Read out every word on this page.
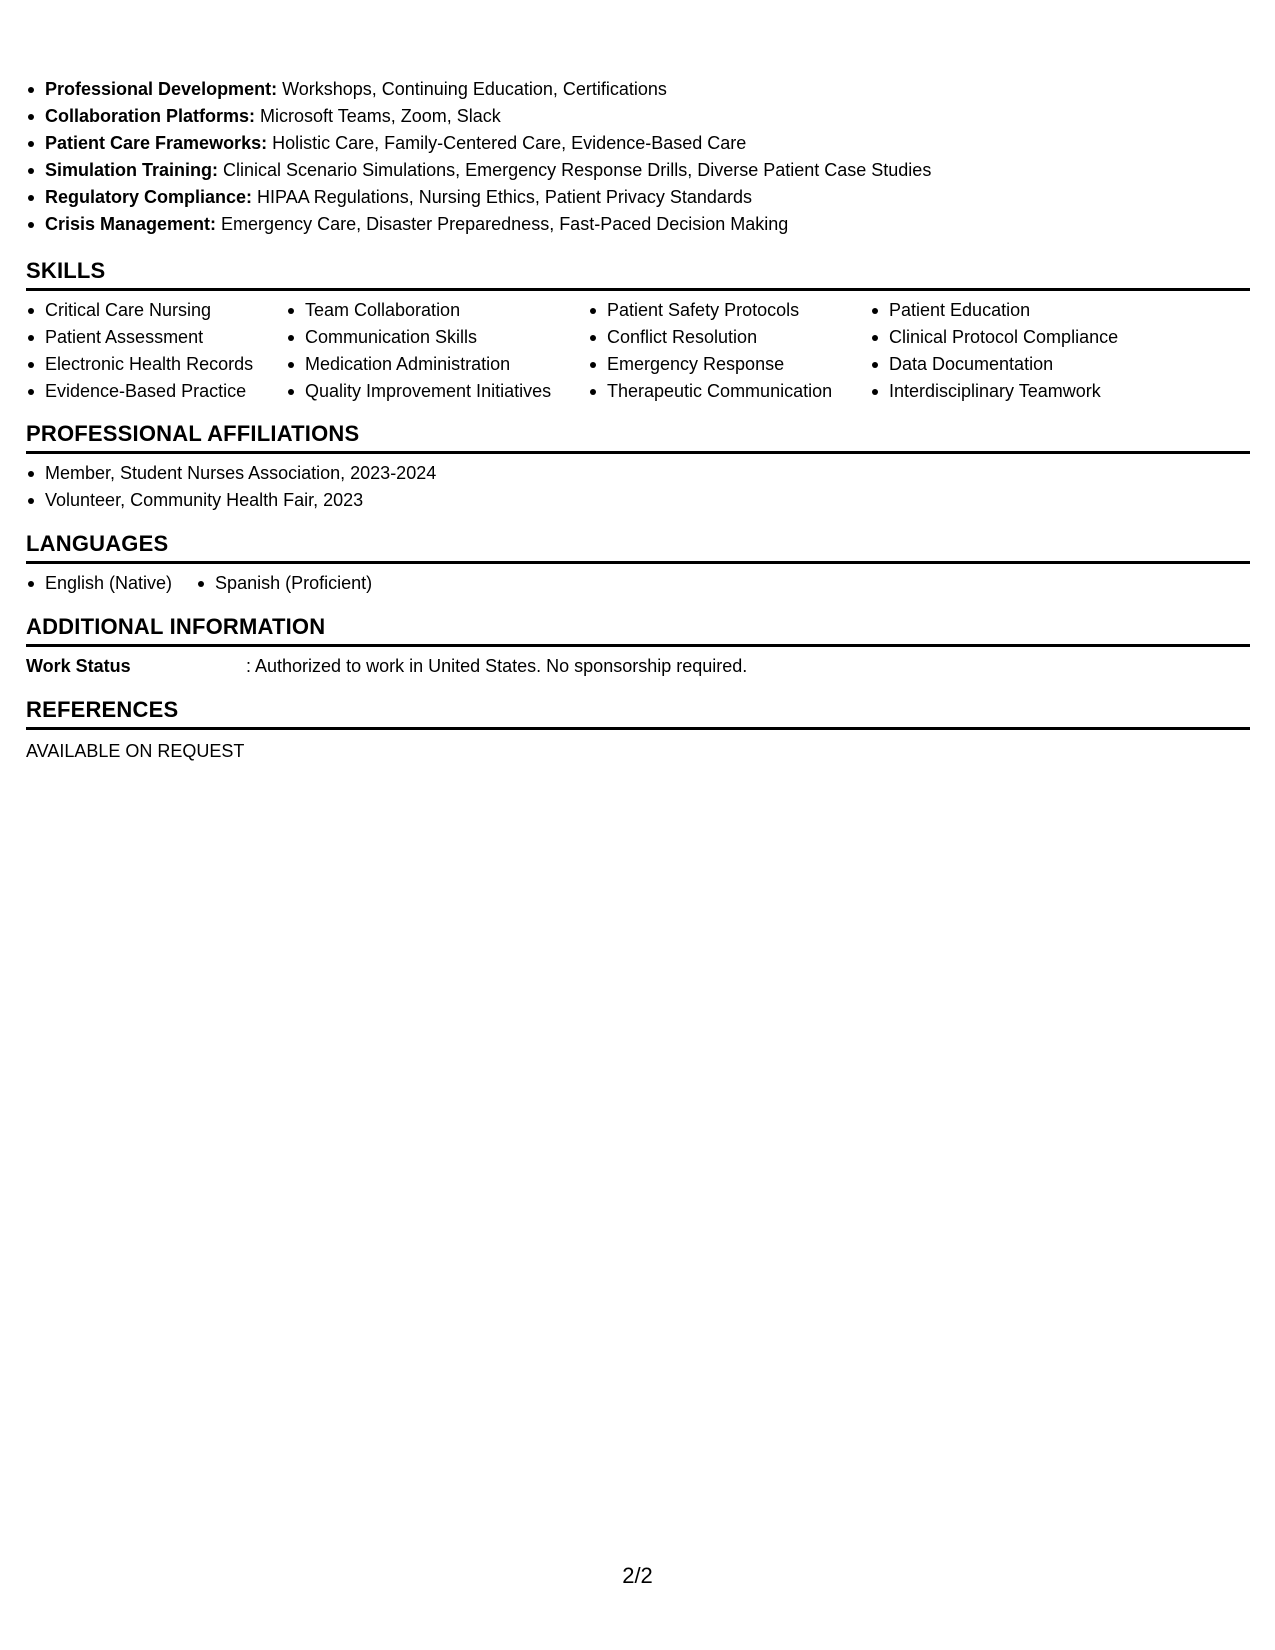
Professional Development: Workshops, Continuing Education, Certifications
Collaboration Platforms: Microsoft Teams, Zoom, Slack
Patient Care Frameworks: Holistic Care, Family-Centered Care, Evidence-Based Care
Simulation Training: Clinical Scenario Simulations, Emergency Response Drills, Diverse Patient Case Studies
Regulatory Compliance: HIPAA Regulations, Nursing Ethics, Patient Privacy Standards
Crisis Management: Emergency Care, Disaster Preparedness, Fast-Paced Decision Making
SKILLS
Critical Care Nursing	Team Collaboration	Patient Safety Protocols	Patient Education
Patient Assessment	Communication Skills	Conflict Resolution	Clinical Protocol Compliance
Electronic Health Records	Medication Administration	Emergency Response	Data Documentation
Evidence-Based Practice	Quality Improvement Initiatives	Therapeutic Communication	Interdisciplinary Teamwork
PROFESSIONAL AFFILIATIONS
Member, Student Nurses Association, 2023-2024
Volunteer, Community Health Fair, 2023
LANGUAGES
English (Native)	Spanish (Proficient)
ADDITIONAL INFORMATION
Work Status	: Authorized to work in United States. No sponsorship required.
REFERENCES
AVAILABLE ON REQUEST
2/2
